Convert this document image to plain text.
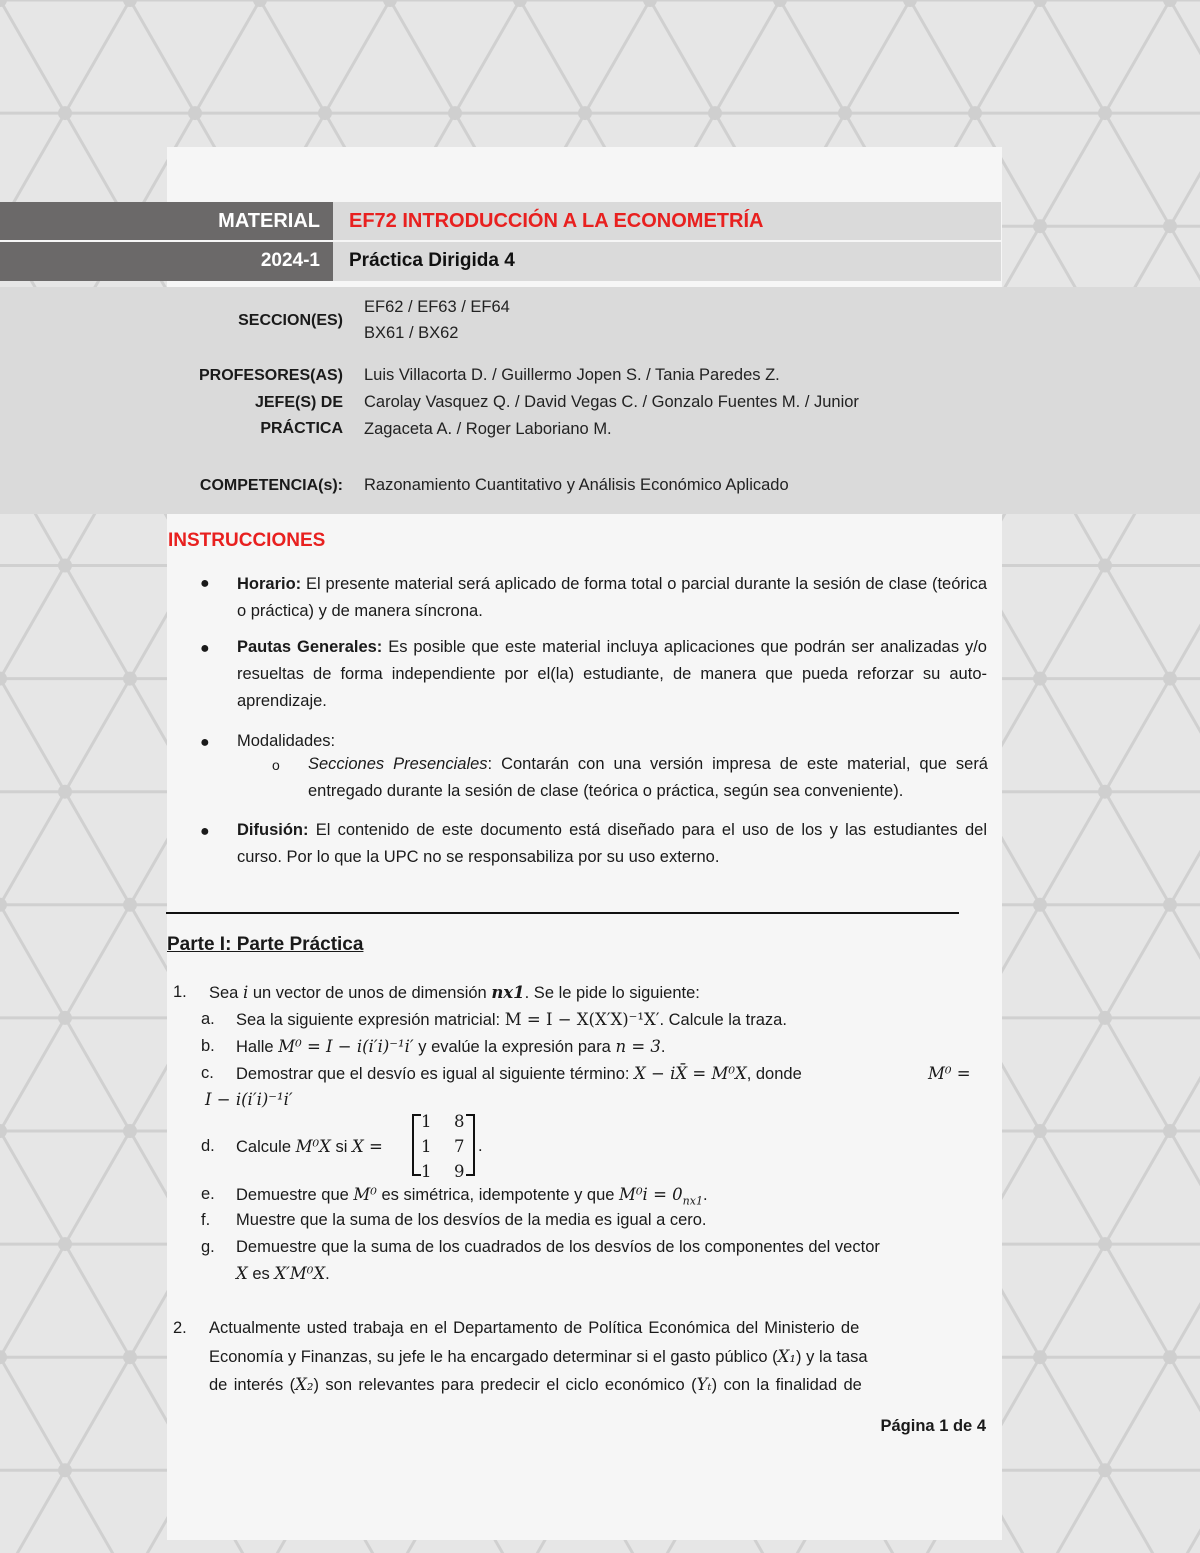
MATERIAL EF72 INTRODUCCIÓN A LA ECONOMETRÍA
2024-1 Práctica Dirigida 4
SECCION(ES)
EF62 / EF63 / EF64
BX61 / BX62
PROFESORES(AS)
JEFE(S) DE
PRÁCTICA
Luis Villacorta D. / Guillermo Jopen S. / Tania Paredes Z.
Carolay Vasquez Q. / David Vegas C. / Gonzalo Fuentes M. / Junior
Zagaceta A. / Roger Laboriano M.
COMPETENCIA(s): Razonamiento Cuantitativo y Análisis Económico Aplicado
INSTRUCCIONES
● Horario: El presente material será aplicado de forma total o parcial durante la sesión de clase (teórica o práctica) y de manera síncrona.
● Pautas Generales: Es posible que este material incluya aplicaciones que podrán ser analizadas y/o resueltas de forma independiente por el(la) estudiante, de manera que pueda reforzar su auto-aprendizaje.
● Modalidades:
o Secciones Presenciales: Contarán con una versión impresa de este material, que será entregado durante la sesión de clase (teórica o práctica, según sea conveniente).
● Difusión: El contenido de este documento está diseñado para el uso de los y las estudiantes del curso. Por lo que la UPC no se responsabiliza por su uso externo.
Parte I: Parte Práctica
1. Sea i un vector de unos de dimensión nx1. Se le pide lo siguiente:
a. Sea la siguiente expresión matricial: M = I − X(X′X)⁻¹X′. Calcule la traza.
b. Halle M⁰ = I − i(i′i)⁻¹i′ y evalúe la expresión para n = 3.
c. Demostrar que el desvío es igual al siguiente término: X − iX̄ = M⁰X, donde	M⁰ =
I − i(i′i)⁻¹i′
d. Calcule M⁰X si X =
1 8
1 7
1 9
.
e. Demuestre que M⁰ es simétrica, idempotente y que $M^0i = 0_{nx1}$.
f. Muestre que la suma de los desvíos de la media es igual a cero.
g. Demuestre que la suma de los cuadrados de los desvíos de los componentes del vector
X es X′M⁰X.
2. Actualmente usted trabaja en el Departamento de Política Económica del Ministerio de
Economía y Finanzas, su jefe le ha encargado determinar si el gasto público (X₁) y la tasa
de interés (X₂) son relevantes para predecir el ciclo económico (Yₜ) con la finalidad de
Página 1 de 4
